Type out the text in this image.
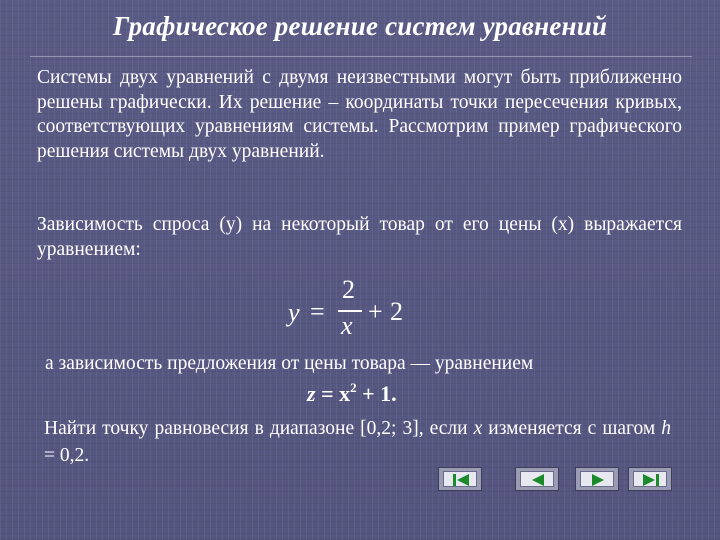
Графическое решение систем уравнений

Системы двух уравнений с двумя неизвестными могут быть приближенно решены графически. Их решение – координаты точки пересечения кривых, соответствующих уравнениям системы. Рассмотрим пример графического решения системы двух уравнений.

Зависимость спроса (у) на некоторый товар от его цены (х) выражается уравнением:

y =
2
x + 2

а зависимость предложения от цены товара — уравнением

$z = x^2 + 1$.

Найти точку равновесия в диапазоне [0,2; 3], если x изменяется с шагом h = 0,2.
